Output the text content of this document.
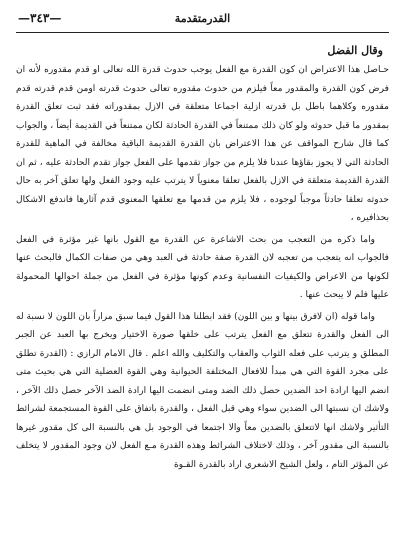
—٣٤٣—	القدرمتقدمة
وقال الفضل

حـاصل هذا الاعتراض ان كون القدرة مع الفعل يوجب حدوث قدرة الله تعالى او قدم مقدوره لأنه ان فرض كون القدرة والمقدور معاً فيلزم من حدوث مقدوره تعالى حدوث قدرته اومن قدم قدرته قدم مقدوره وكلاهما باطل بل قدرته ازلية اجماعا متعلقة في الازل بمقدوراته فقد ثبت تعلق القدرة بمقدور ما قبل حدوثه ولو كان ذلك ممتنعاً في القدرة الحادثة لكان ممتنعاً في القديمة أيضاً ، والجواب كما قال شارح المواقف عن هذا الاعتراض بان القدرة القديمة الباقية مخالفة في الماهية للقدرة الحادثة التي لا يجوز بقاؤها عندنا فلا يلزم من جواز تقدمها على الفعل جواز تقدم الحادثة عليه ، ثم ان القدرة القديمة متعلقة في الازل بالفعل تعلقا معنوياً لا يترتب عليه وجود الفعل ولها تعلق آخر به حال حدوثه تعلقا حادثاً موجباً لوجوده ، فلا يلزم من قدمها مع تعلقها المعنوي قدم آثارها فاندفع الاشكال بحذافيره ،

واما ذكره من التعجب من بحث الاشاعرة عن القدرة مع القول بانها غير مؤثرة في الفعل فالجواب انه يتعجب من تعجبه لان القدرة صفة حادثة في العبد وهي من صفات الكمال فالبحث عنها لكونها من الاعراض والكيفيات النفسانية وعدم كونها مؤثرة في الفعل من جملة احوالها المحمولة عليها فلم لا يبحث عنها .

واما قوله (ان لافرق بينها و بين اللون) فقد ابطلنا هذا القول فيما سبق مراراً بان اللون لا نسبة له الى الفعل والقدرة تتعلق مع الفعل يترتب على خلقها صورة الاختيار ويخرج بها العبد عن الجبر المطلق و يترتب على فعله الثواب والعقاب والتكليف والله اعلم . قال الامام الرازي : (القدرة تطلق على مجرد القوة التي هي مبدأ للافعال المختلفة الحيوانية وهي القوة العضلية التي هي بحيث متى انضم اليها ارادة احد الضدين حصل ذلك الضد ومتى انضمت اليها ارادة الضد الآخر حصل ذلك الآخر ، ولاشك ان نسبتها الى الضدين سواء وهي قبل الفعل ، والقدرة باتفاق على القوة المستجمعة لشرائط التأثير ولاشك انها لاتتعلق بالضدين معاً والا اجتمعا في الوجود بل هي بالنسبة الى كل مقدور غيرها بالنسبة الى مقدور آخر ، وذلك لاختلاف الشرائط وهذه القدرة مـع الفعل لان وجود المقدور لا يتخلف عن المؤثر التام ، ولعل الشيخ الاشعري اراد بالقدرة القـوة
